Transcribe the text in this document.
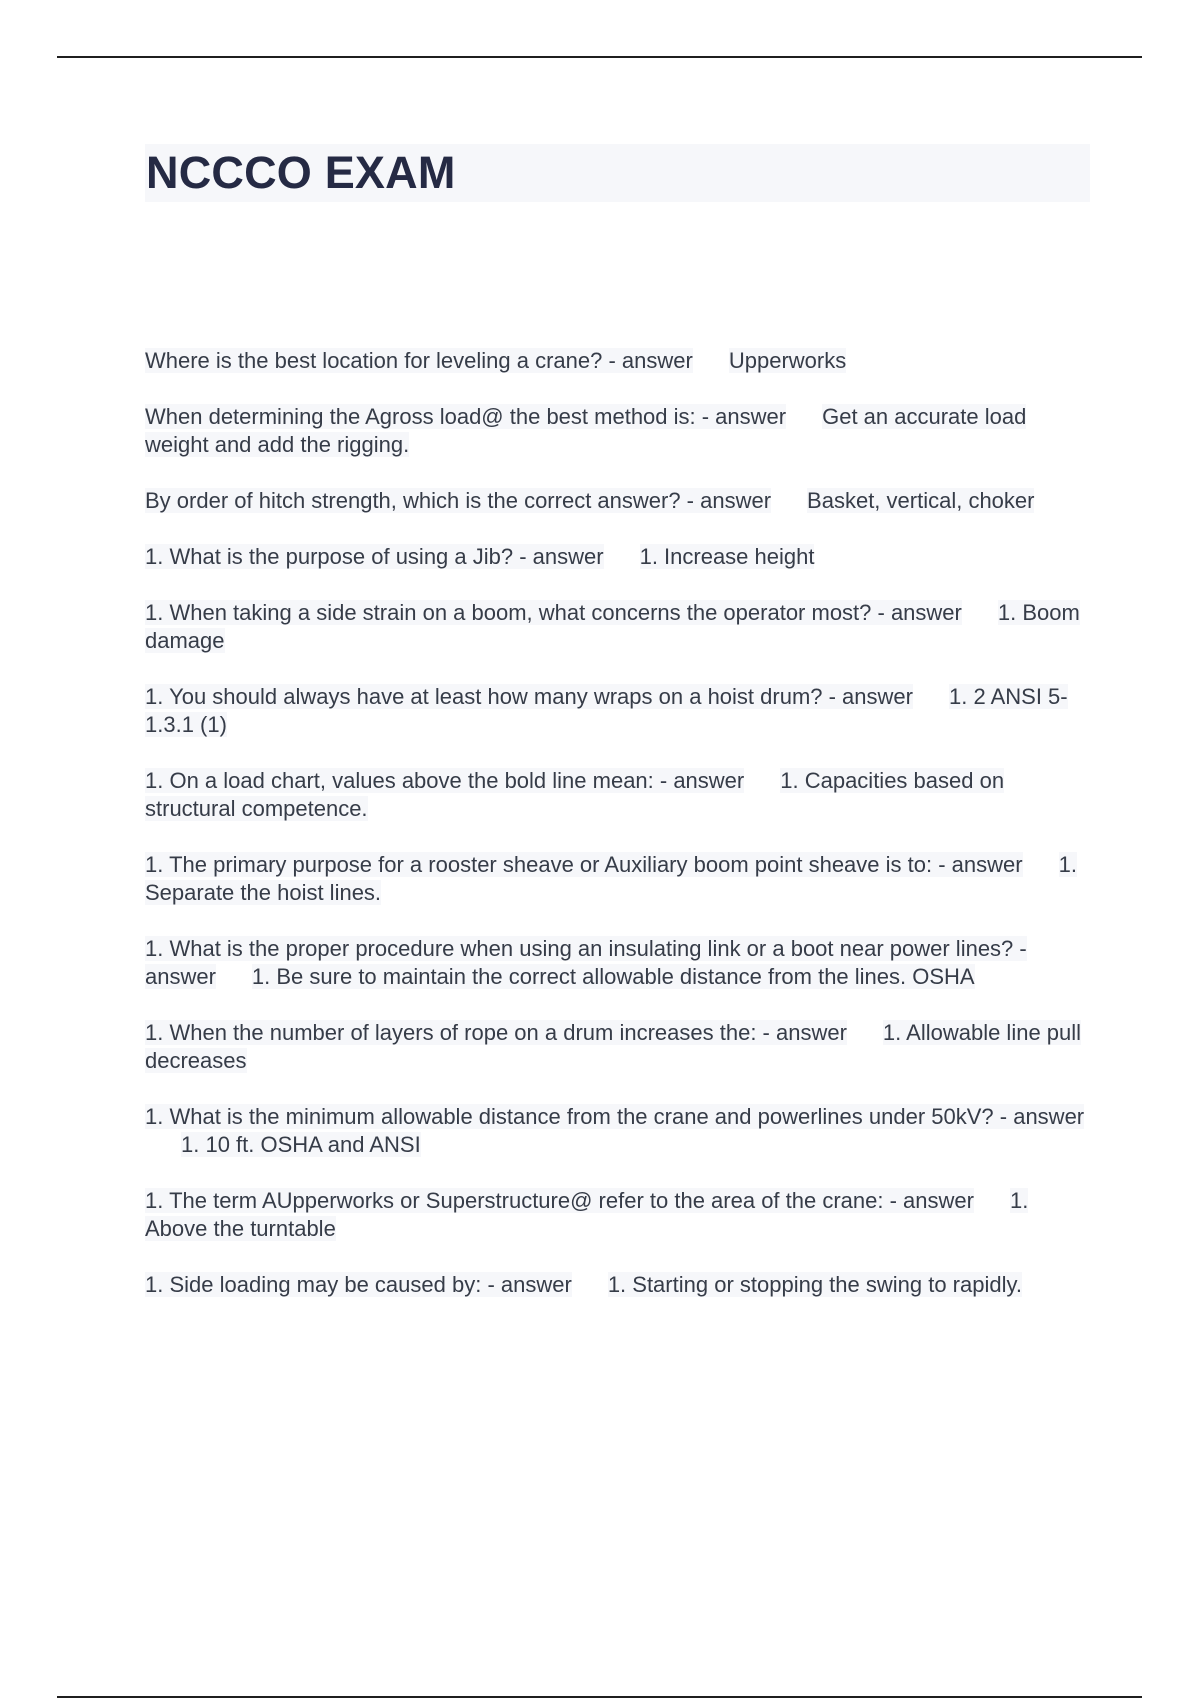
NCCCO EXAM

Where is the best location for leveling a crane? - answer Upperworks

When determining the Agross load@ the best method is: - answer Get an accurate load weight and add the rigging.

By order of hitch strength, which is the correct answer? - answer Basket, vertical, choker

1. What is the purpose of using a Jib? - answer 1. Increase height

1. When taking a side strain on a boom, what concerns the operator most? - answer 1. Boom damage

1. You should always have at least how many wraps on a hoist drum? - answer 1. 2 ANSI 5-1.3.1 (1)

1. On a load chart, values above the bold line mean: - answer 1. Capacities based on structural competence.

1. The primary purpose for a rooster sheave or Auxiliary boom point sheave is to: - answer 1. Separate the hoist lines.

1. What is the proper procedure when using an insulating link or a boot near power lines? - answer 1. Be sure to maintain the correct allowable distance from the lines. OSHA

1. When the number of layers of rope on a drum increases the: - answer 1. Allowable line pull decreases

1. What is the minimum allowable distance from the crane and powerlines under 50kV? - answer1. 10 ft. OSHA and ANSI

1. The term AUpperworks or Superstructure@ refer to the area of the crane: - answer 1. Above the turntable

1. Side loading may be caused by: - answer 1. Starting or stopping the swing to rapidly.
